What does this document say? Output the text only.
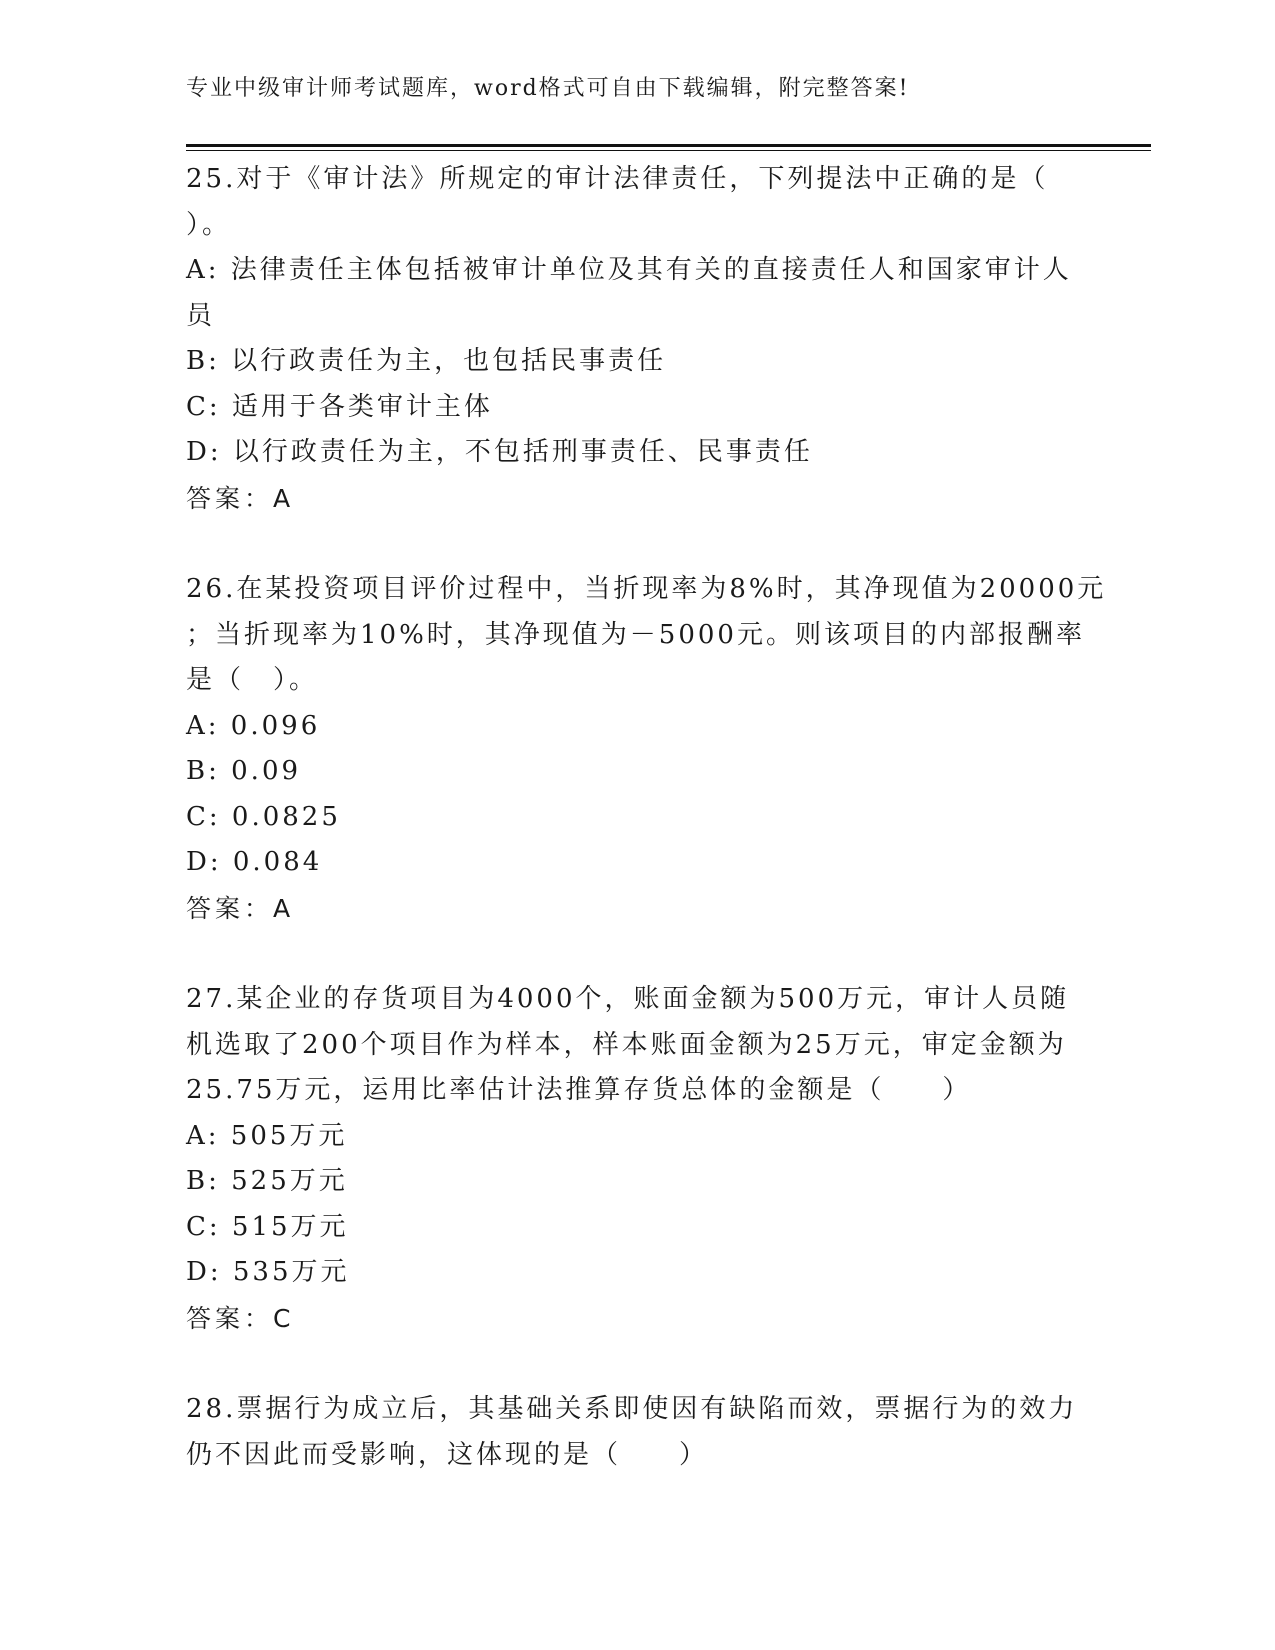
专业中级审计师考试题库，word格式可自由下载编辑，附完整答案!
25.对于《审计法》所规定的审计法律责任，下列提法中正确的是（
）。
A: 法律责任主体包括被审计单位及其有关的直接责任人和国家审计人
员
B: 以行政责任为主，也包括民事责任
C: 适用于各类审计主体
D: 以行政责任为主，不包括刑事责任、民事责任
答案：A
26.在某投资项目评价过程中，当折现率为8%时，其净现值为20000元
；当折现率为10%时，其净现值为－5000元。则该项目的内部报酬率
是（　）。
A: 0.096
B: 0.09
C: 0.0825
D: 0.084
答案：A
27.某企业的存货项目为4000个，账面金额为500万元，审计人员随
机选取了200个项目作为样本，样本账面金额为25万元，审定金额为
25.75万元，运用比率估计法推算存货总体的金额是（　　）
A: 505万元
B: 525万元
C: 515万元
D: 535万元
答案：C
28.票据行为成立后，其基础关系即使因有缺陷而效，票据行为的效力
仍不因此而受影响，这体现的是（　　）
